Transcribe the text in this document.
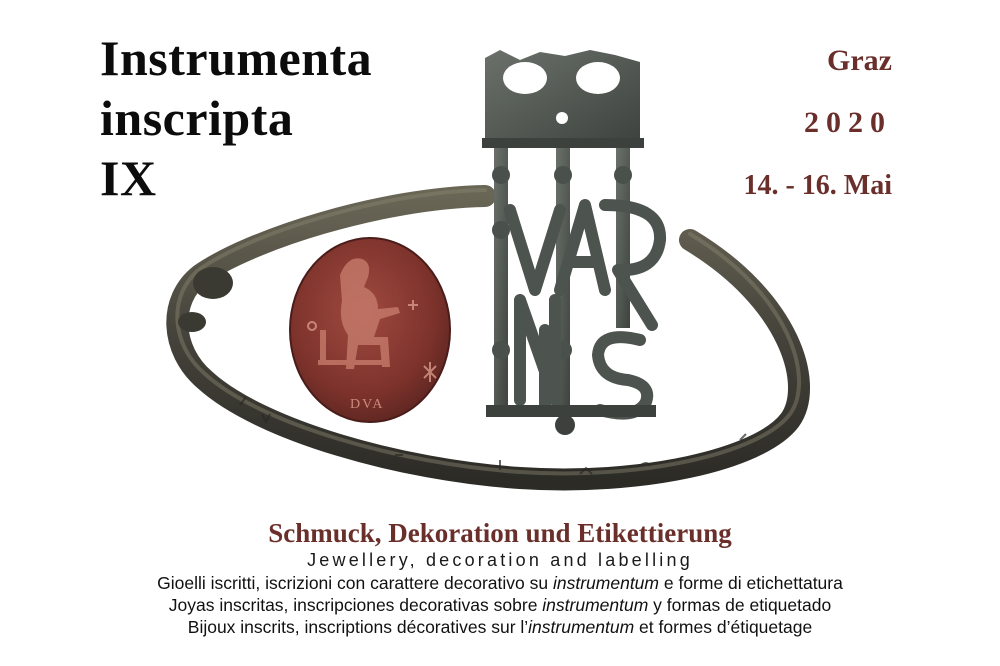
DVA

Instrumenta

inscripta

IX

Graz

2020

14. - 16. Mai

Schmuck, Dekoration und Etikettierung

Jewellery, decoration and labelling

Gioelli iscritti, iscrizioni con carattere decorativo su instrumentum e forme di etichettatura

Joyas inscritas, inscripciones decorativas sobre instrumentum y formas de etiquetado

Bijoux inscrits, inscriptions décoratives sur l’instrumentum et formes d’étiquetage
